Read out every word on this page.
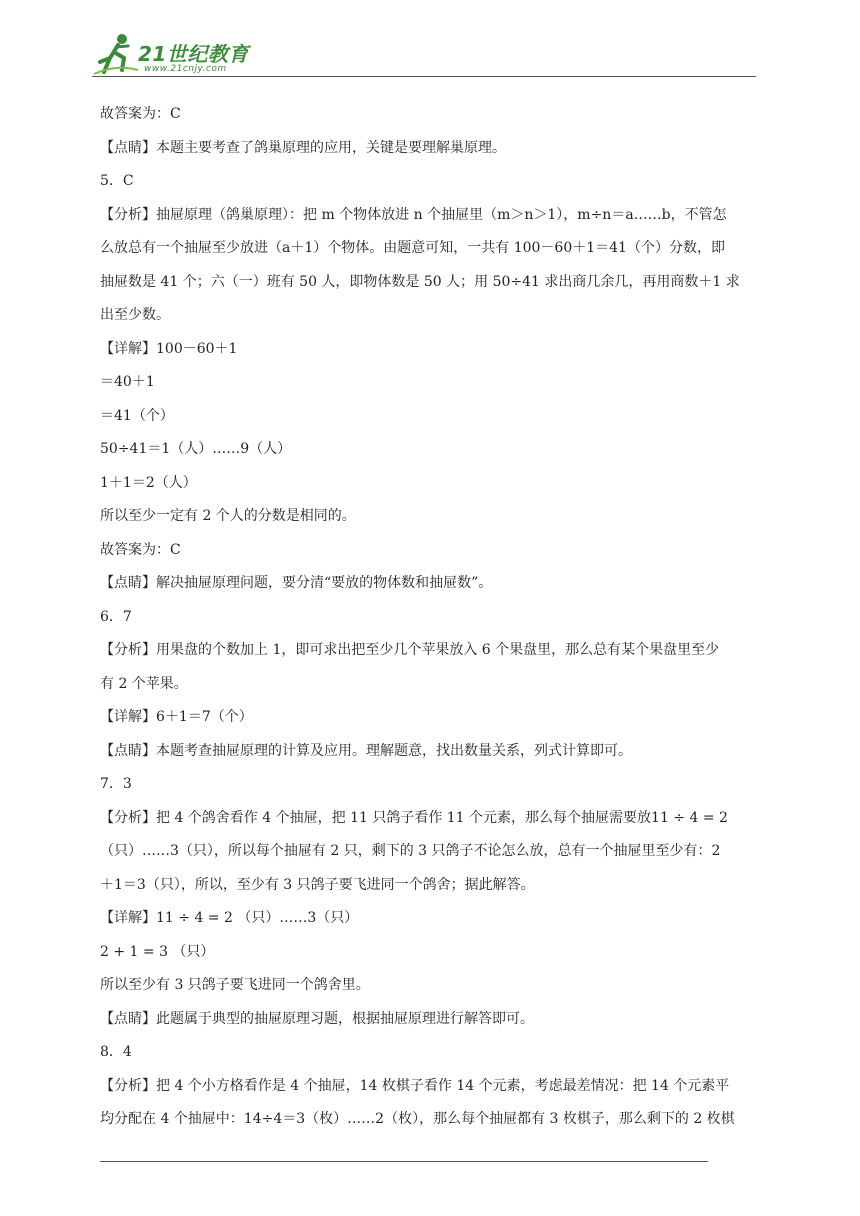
21世纪教育
www.21cnjy.com

故答案为：C

【点睛】本题主要考查了鸽巢原理的应用，关键是要理解巢原理。

5．C

【分析】抽屉原理（鸽巢原理）：把 m 个物体放进 n 个抽屉里（m＞n＞1），m÷n＝a……b，不管怎

么放总有一个抽屉至少放进（a＋1）个物体。由题意可知，一共有 100－60＋1＝41（个）分数，即

抽屉数是 41 个；六（一）班有 50 人，即物体数是 50 人；用 50÷41 求出商几余几，再用商数＋1 求

出至少数。

【详解】100－60＋1

＝40＋1

＝41（个）

50÷41＝1（人）……9（人）

1＋1＝2（人）

所以至少一定有 2 个人的分数是相同的。

故答案为：C

【点睛】解决抽屉原理问题，要分清“要放的物体数和抽屉数”。

6．7

【分析】用果盘的个数加上 1，即可求出把至少几个苹果放入 6 个果盘里，那么总有某个果盘里至少

有 2 个苹果。

【详解】6＋1＝7（个）

【点睛】本题考查抽屉原理的计算及应用。理解题意，找出数量关系，列式计算即可。

7．3

【分析】把 4 个鸽舍看作 4 个抽屉，把 11 只鸽子看作 11 个元素，那么每个抽屉需要放11 ÷ 4 = 2

（只）……3（只），所以每个抽屉有 2 只，剩下的 3 只鸽子不论怎么放，总有一个抽屉里至少有：2

＋1＝3（只），所以，至少有 3 只鸽子要飞进同一个鸽舍；据此解答。

【详解】11 ÷ 4 = 2 （只）……3（只）

2 + 1 = 3 （只）

所以至少有 3 只鸽子要飞进同一个鸽舍里。

【点睛】此题属于典型的抽屉原理习题，根据抽屉原理进行解答即可。

8．4

【分析】把 4 个小方格看作是 4 个抽屉，14 枚棋子看作 14 个元素，考虑最差情况：把 14 个元素平

均分配在 4 个抽屉中：14÷4＝3（枚）……2（枚），那么每个抽屉都有 3 枚棋子，那么剩下的 2 枚棋
